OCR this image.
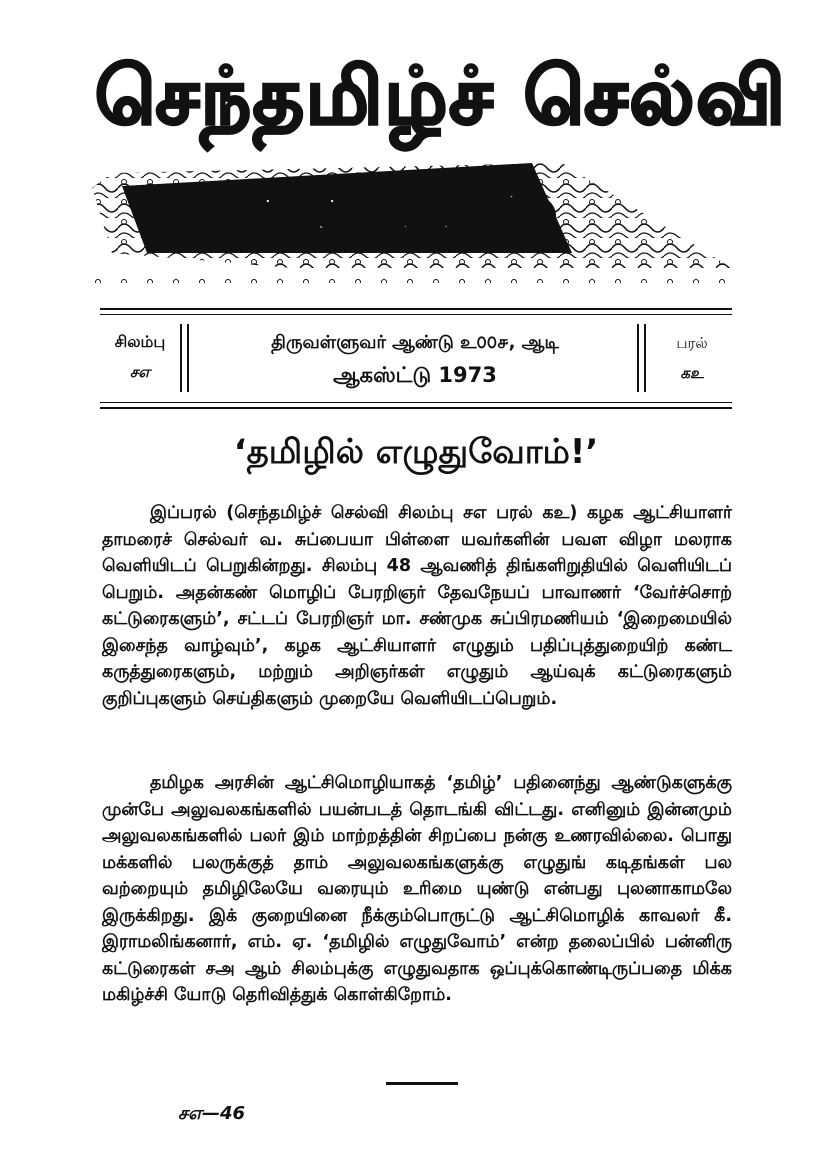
செந்தமிழ்ச் செல்வி
திங்கள் வெளியீடு
சிலம்பு
சஎ
திருவள்ளுவர் ஆண்டு உ௦௦௪, ஆடி
ஆகஸ்ட்டு 1973
பரல்
கஉ
‘தமிழில் எழுதுவோம்!’

இப்பரல் (செந்தமிழ்ச் செல்வி சிலம்பு சஎ பரல் கஉ) கழக ஆட்சியாளர் தாமரைச் செல்வர் வ. சுப்பையா பிள்ளை யவர்களின் பவள விழா மலராக வெளியிடப் பெறுகின்றது. சிலம்பு 48 ஆவணித் திங்களிறுதியில் வெளியிடப் பெறும். அதன்கண் மொழிப் பேரறிஞர் தேவநேயப் பாவாணர் ‘வேர்ச்சொற் கட்டுரைகளும்’, சட்டப் பேரறிஞர் மா. சண்முக சுப்பிரமணியம் ‘இறைமையில் இசைந்த வாழ்வும்’, கழக ஆட்சியாளர் எழுதும் பதிப்புத்துறையிற் கண்ட கருத்துரைகளும், மற்றும் அறிஞர்கள் எழுதும் ஆய்வுக் கட்டுரைகளும் குறிப்புகளும் செய்திகளும் முறையே வெளியிடப்பெறும்.

தமிழக அரசின் ஆட்சிமொழியாகத் ‘தமிழ்’ பதினைந்து ஆண்டுகளுக்கு முன்பே அலுவலகங்களில் பயன்படத் தொடங்கி விட்டது. எனினும் இன்னமும் அலுவலகங்களில் பலர் இம் மாற்றத்தின் சிறப்பை நன்கு உணரவில்லை. பொது மக்களில் பலருக்குத் தாம் அலுவலகங்களுக்கு எழுதுங் கடிதங்கள் பல வற்றையும் தமிழிலேயே வரையும் உரிமை யுண்டு என்பது புலனாகாமலே இருக்கிறது. இக் குறையினை நீக்கும்பொருட்டு ஆட்சிமொழிக் காவலர் கீ. இராமலிங்கனார், எம். ஏ. ‘தமிழில் எழுதுவோம்’ என்ற தலைப்பில் பன்னிரு கட்டுரைகள் சஅ ஆம் சிலம்புக்கு எழுதுவதாக ஒப்புக்கொண்டிருப்பதை மிக்க மகிழ்ச்சி யோடு தெரிவித்துக் கொள்கிறோம்.

சஎ—46
